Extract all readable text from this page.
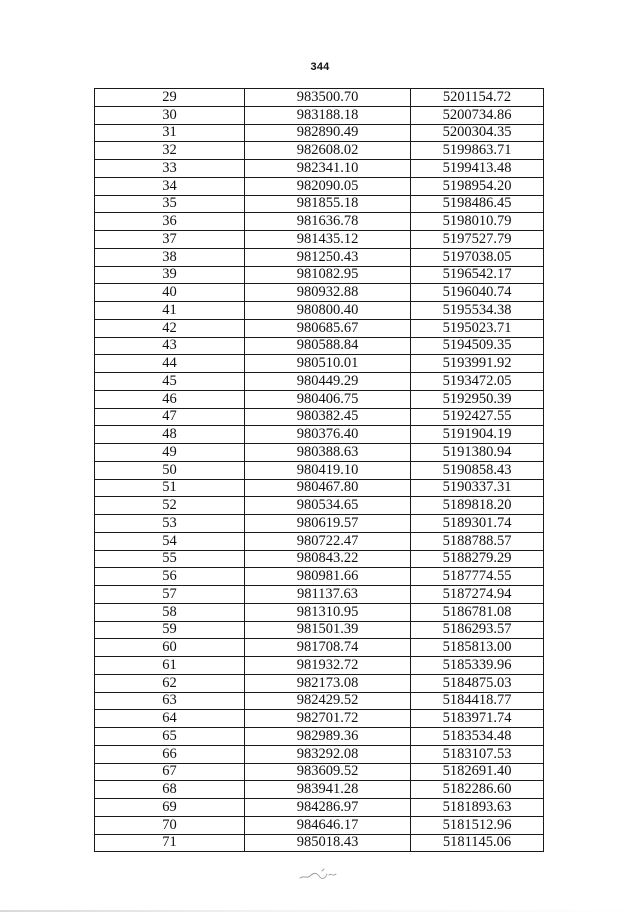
344
29	983500.70	5201154.72
30	983188.18	5200734.86
31	982890.49	5200304.35
32	982608.02	5199863.71
33	982341.10	5199413.48
34	982090.05	5198954.20
35	981855.18	5198486.45
36	981636.78	5198010.79
37	981435.12	5197527.79
38	981250.43	5197038.05
39	981082.95	5196542.17
40	980932.88	5196040.74
41	980800.40	5195534.38
42	980685.67	5195023.71
43	980588.84	5194509.35
44	980510.01	5193991.92
45	980449.29	5193472.05
46	980406.75	5192950.39
47	980382.45	5192427.55
48	980376.40	5191904.19
49	980388.63	5191380.94
50	980419.10	5190858.43
51	980467.80	5190337.31
52	980534.65	5189818.20
53	980619.57	5189301.74
54	980722.47	5188788.57
55	980843.22	5188279.29
56	980981.66	5187774.55
57	981137.63	5187274.94
58	981310.95	5186781.08
59	981501.39	5186293.57
60	981708.74	5185813.00
61	981932.72	5185339.96
62	982173.08	5184875.03
63	982429.52	5184418.77
64	982701.72	5183971.74
65	982989.36	5183534.48
66	983292.08	5183107.53
67	983609.52	5182691.40
68	983941.28	5182286.60
69	984286.97	5181893.63
70	984646.17	5181512.96
71	985018.43	5181145.06
